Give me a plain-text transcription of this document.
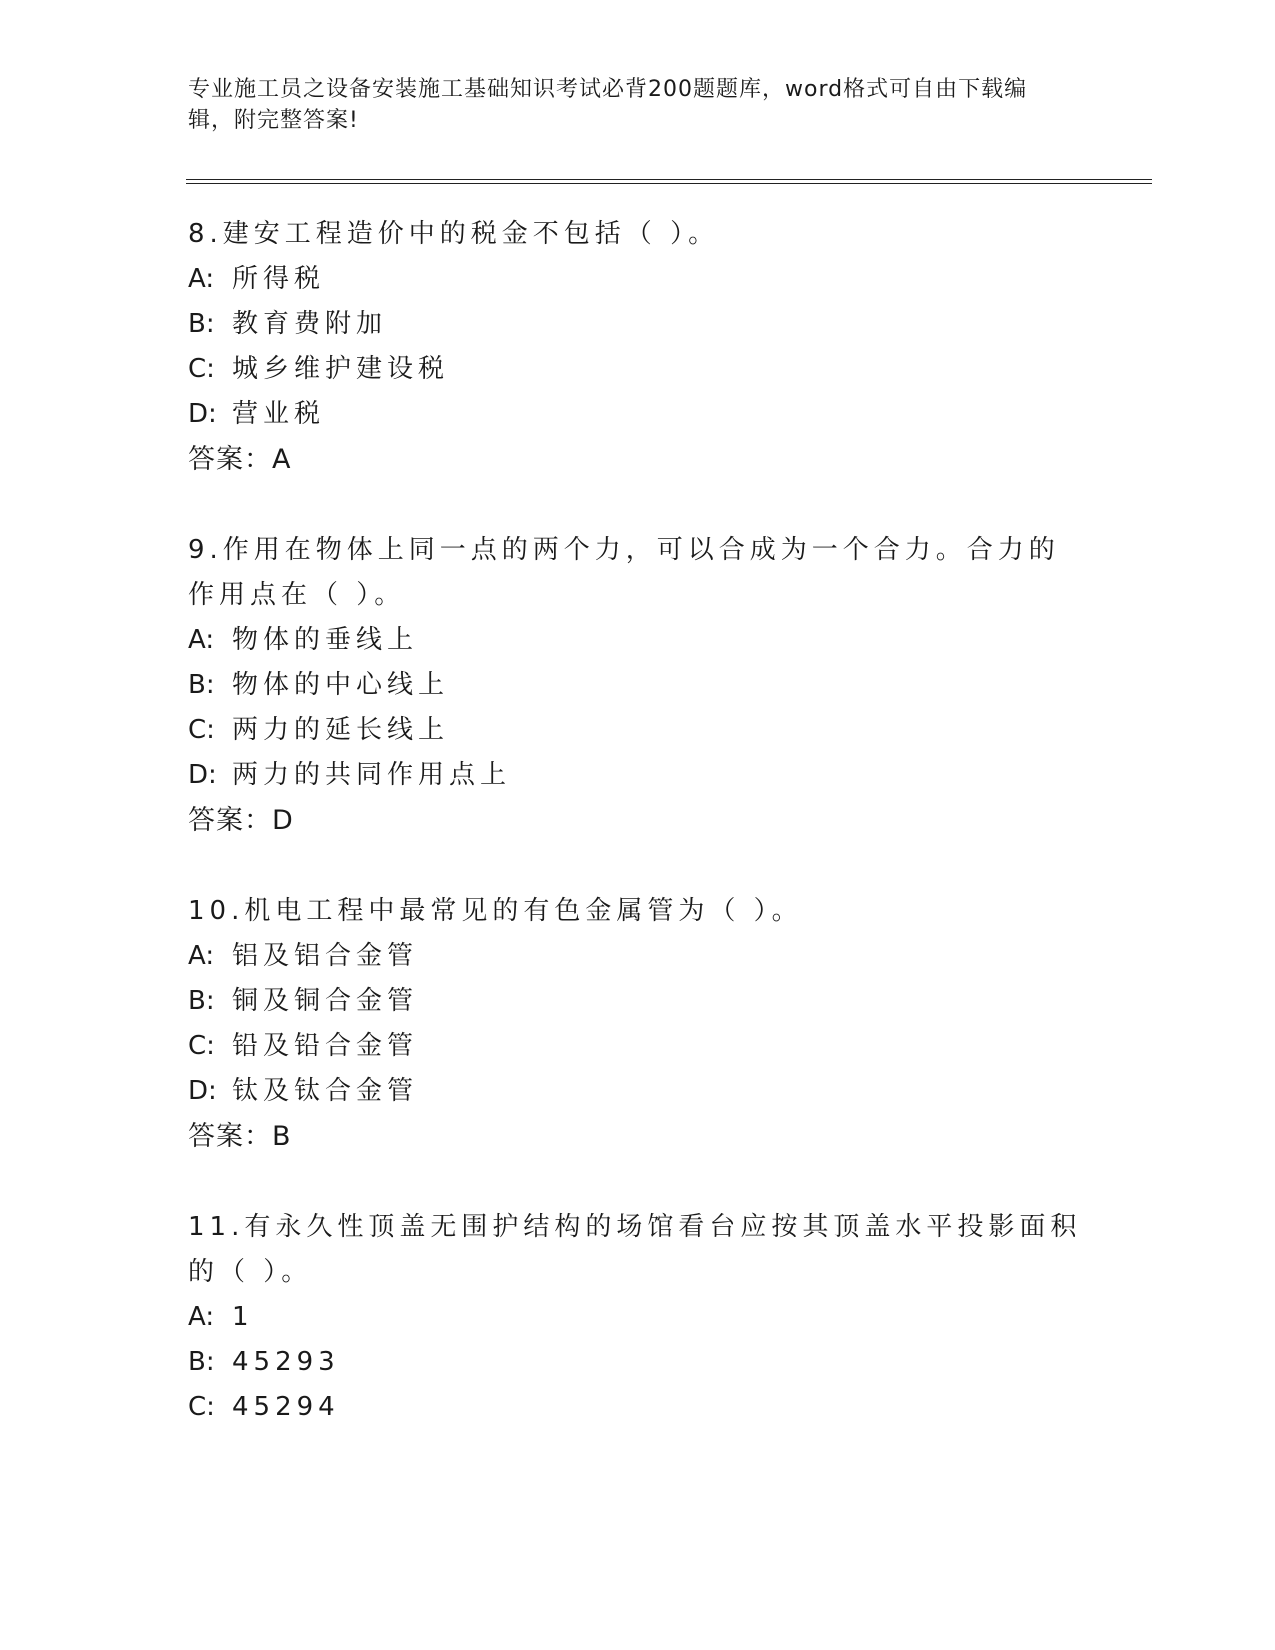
专业施工员之设备安装施工基础知识考试必背200题题库，word格式可自由下载编辑，附完整答案!

8.建安工程造价中的税金不包括（ ）。

A: 所得税

B: 教育费附加

C: 城乡维护建设税

D: 营业税

答案：A

9.作用在物体上同一点的两个力，可以合成为一个合力。合力的作用点在（ ）。

A: 物体的垂线上

B: 物体的中心线上

C: 两力的延长线上

D: 两力的共同作用点上

答案：D

10.机电工程中最常见的有色金属管为（ ）。

A: 铝及铝合金管

B: 铜及铜合金管

C: 铅及铅合金管

D: 钛及钛合金管

答案：B

11.有永久性顶盖无围护结构的场馆看台应按其顶盖水平投影面积的（ ）。

A: 1

B: 45293

C: 45294
